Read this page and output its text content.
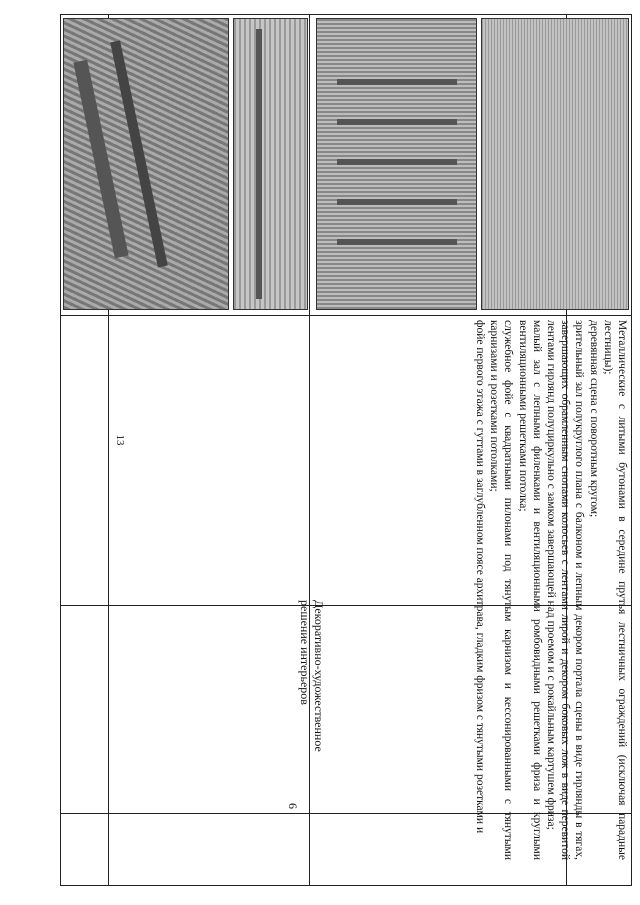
13
6
Декоративно-художественное решение интерьеров	Металлические с литыми бутонами в середине прутья лестничных ограждений (исключая парадные лестницы);

деревянная сцена с поворотным кругом;

зрительный зал полукруглого плана с балконом и лепным декором портала сцены в виде гирлянды в тягах, завершающих обрамленным снопами колосьев с лентами лирой и декором боковых лож в виде перевитой лентами гирлянд полуциркульно с замком завершающей над проемом и с рокайльным картушем фриза;

малый зал с лепными филенками и вентиляционными ромбовидными решетками фриза и круглыми вентиляционными решетками потолка;

служебное фойе с квадратными пилонами под тянутым карнизом и кессонированными с тянутыми карнизами и розетками потолками;

фойе первого этажа с гуттами в заглубленном поясе архитрава, гладким фризом с тянутыми розетками и
